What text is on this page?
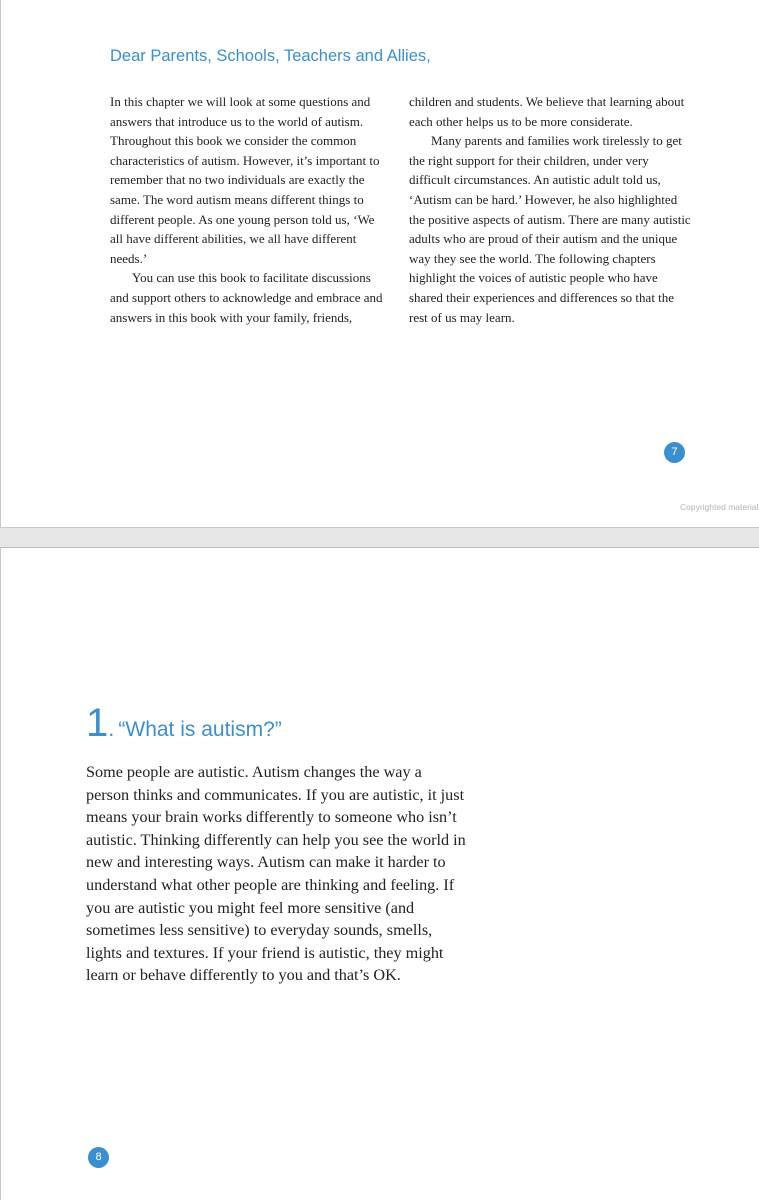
Dear Parents, Schools, Teachers and Allies,

In this chapter we will look at some questions and answers that introduce us to the world of autism. Throughout this book we consider the common characteristics of autism. However, it’s important to remember that no two individuals are exactly the same. The word autism means different things to different people. As one young person told us, ‘We all have different abilities, we all have different needs.’

You can use this book to facilitate discussions and support others to acknowledge and embrace and answers in this book with your family, friends,

children and students. We believe that learning about each other helps us to be more considerate.

Many parents and families work tirelessly to get the right support for their children, under very difficult circumstances. An autistic adult told us, ‘Autism can be hard.’ However, he also highlighted the positive aspects of autism. There are many autistic adults who are proud of their autism and the unique way they see the world. The following chapters highlight the voices of autistic people who have shared their experiences and differences so that the rest of us may learn.

7
Copyrighted material
1. “What is autism?”

Some people are autistic. Autism changes the way a person thinks and communicates. If you are autistic, it just means your brain works differently to someone who isn’t autistic. Thinking differently can help you see the world in new and interesting ways. Autism can make it harder to understand what other people are thinking and feeling. If you are autistic you might feel more sensitive (and sometimes less sensitive) to everyday sounds, smells, lights and textures. If your friend is autistic, they might learn or behave differently to you and that’s OK.

8
